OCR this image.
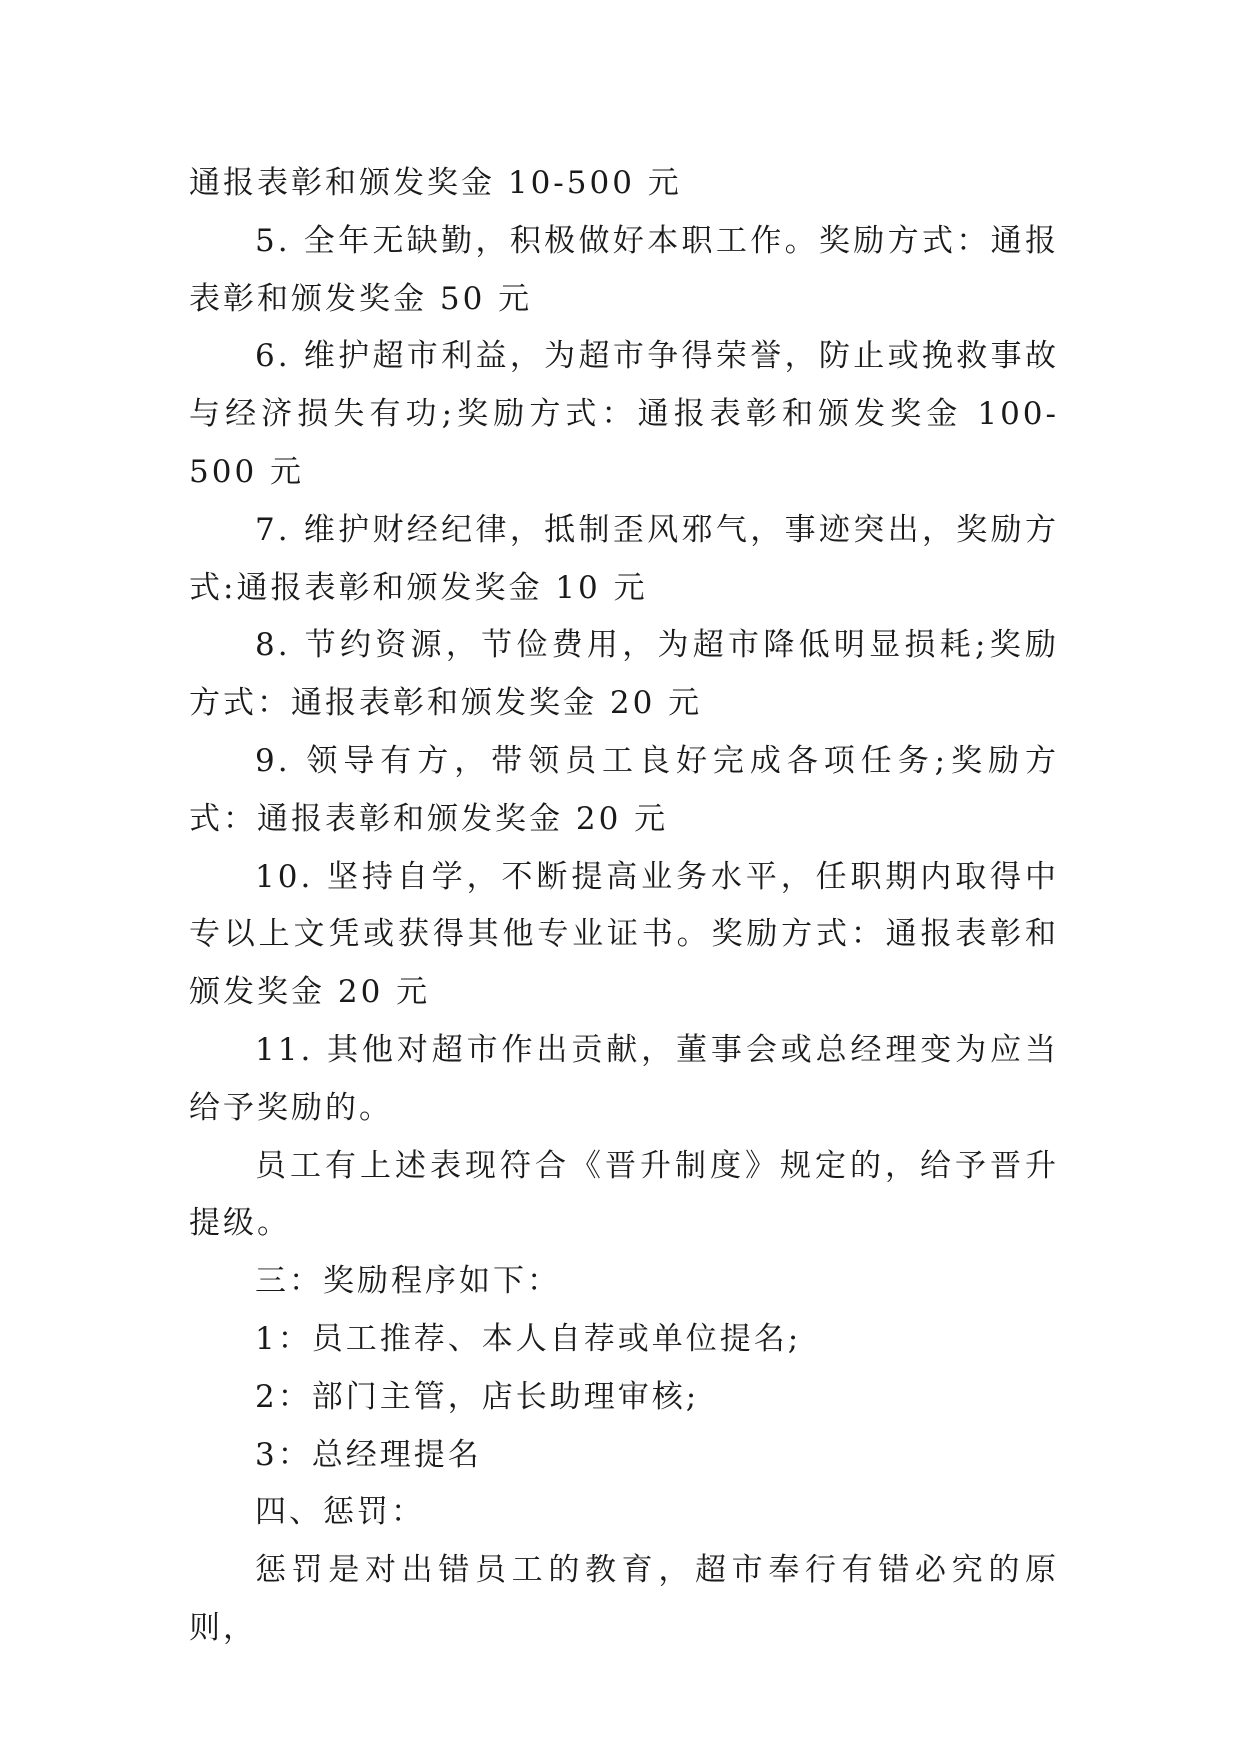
通报表彰和颁发奖金 10-500 元

5. 全年无缺勤，积极做好本职工作。奖励方式：通报表彰和颁发奖金 50 元

6. 维护超市利益，为超市争得荣誉，防止或挽救事故与经济损失有功;奖励方式：通报表彰和颁发奖金 100-500 元

7. 维护财经纪律，抵制歪风邪气，事迹突出，奖励方式:通报表彰和颁发奖金 10 元

8. 节约资源，节俭费用，为超市降低明显损耗;奖励方式：通报表彰和颁发奖金 20 元

9. 领导有方，带领员工良好完成各项任务;奖励方式：通报表彰和颁发奖金 20 元

10. 坚持自学，不断提高业务水平，任职期内取得中专以上文凭或获得其他专业证书。奖励方式：通报表彰和颁发奖金 20 元

11. 其他对超市作出贡献，董事会或总经理变为应当给予奖励的。

员工有上述表现符合《晋升制度》规定的，给予晋升提级。

三：奖励程序如下：

1：员工推荐、本人自荐或单位提名;

2：部门主管，店长助理审核;

3：总经理提名

四、惩罚：

惩罚是对出错员工的教育，超市奉行有错必究的原则，
